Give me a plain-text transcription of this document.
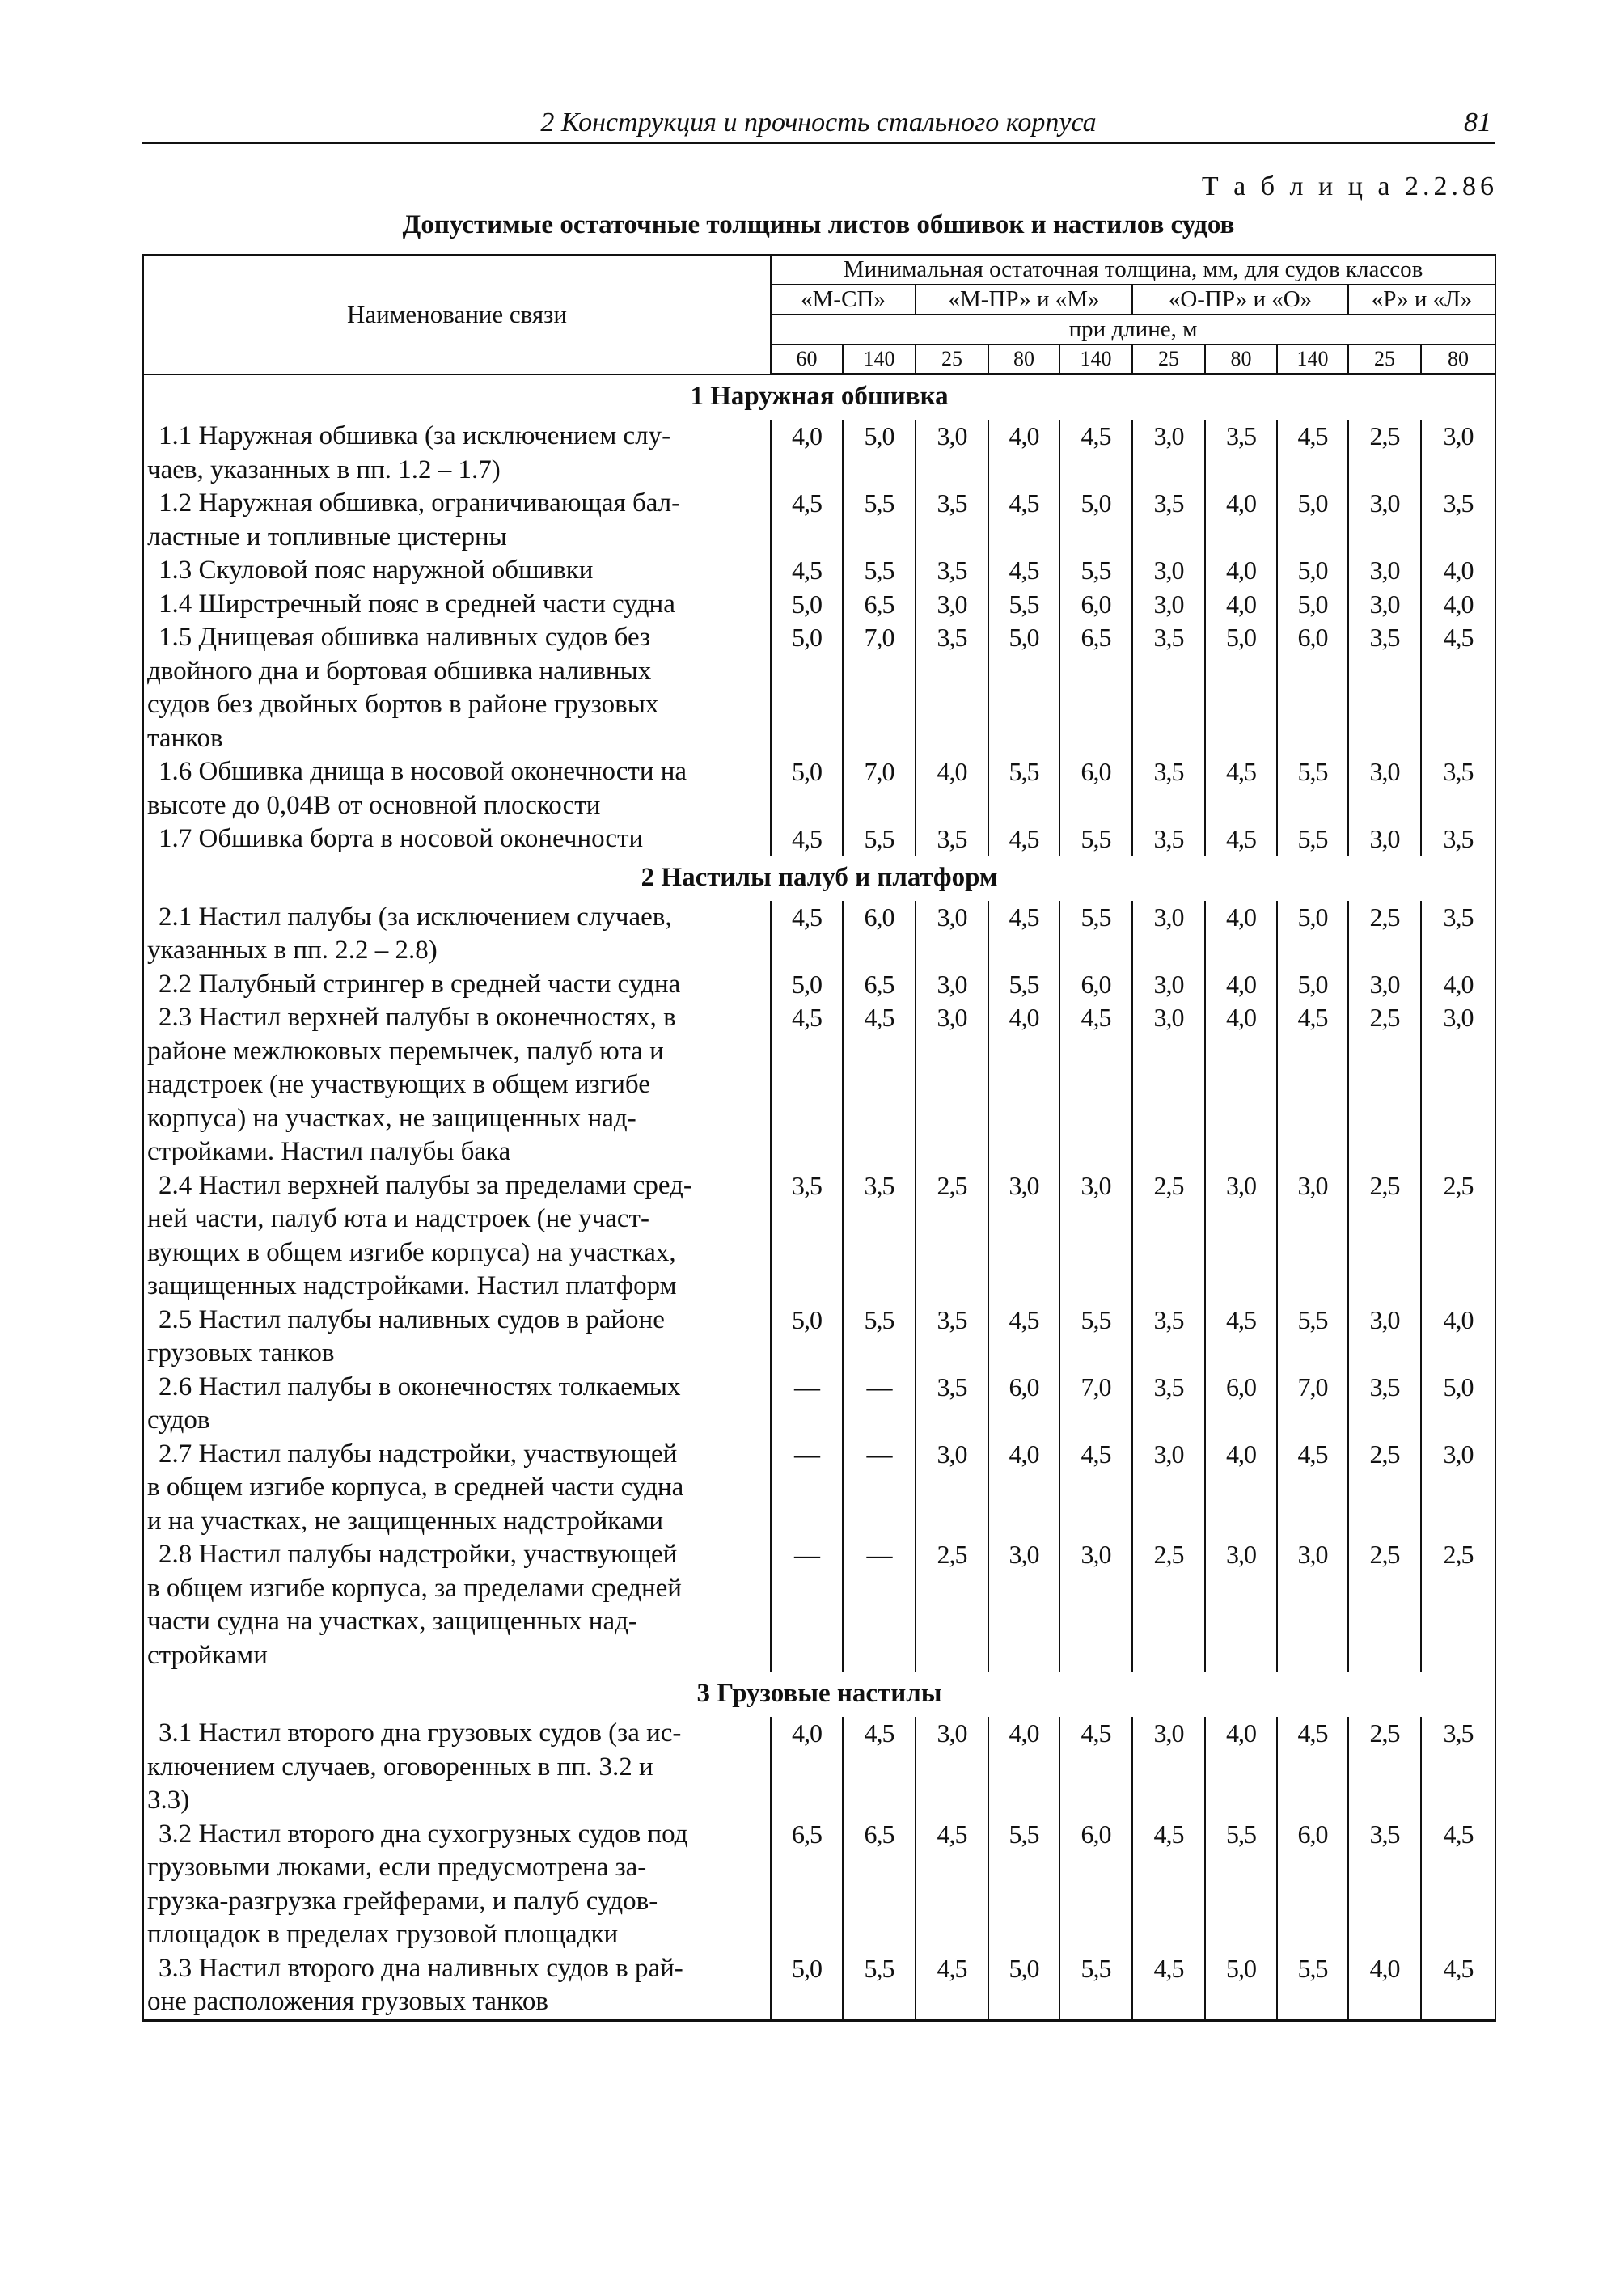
2 Конструкция и прочность стального корпуса	81
Т а б л и ц а 2.2.86
Допустимые остаточные толщины листов обшивок и настилов судов
Наименование связи	Минимальная остаточная толщина, мм, для судов классов									
	«М-СП»		«М-ПР» и «М»			«О-ПР» и «О»			«Р» и «Л»	
	при длине, м									
	60	140	25	80	140	25	80	140	25	80
1 Наружная обшивка										

1.1 Наружная обшивка (за исключением слу-
чаев, указанных в пп. 1.2 – 1.7)	4,0	5,0	3,0	4,0	4,5	3,0	3,5	4,5	2,5	3,0

1.2 Наружная обшивка, ограничивающая бал-
ластные и топливные цистерны	4,5	5,5	3,5	4,5	5,0	3,5	4,0	5,0	3,0	3,5

1.3 Скуловой пояс наружной обшивки	4,5	5,5	3,5	4,5	5,5	3,0	4,0	5,0	3,0	4,0

1.4 Ширстречный пояс в средней части судна	5,0	6,5	3,0	5,5	6,0	3,0	4,0	5,0	3,0	4,0

1.5 Днищевая обшивка наливных судов без
двойного дна и бортовая обшивка наливных
судов без двойных бортов в районе грузовых
танков	5,0	7,0	3,5	5,0	6,5	3,5	5,0	6,0	3,5	4,5

1.6 Обшивка днища в носовой оконечности на
высоте до 0,04B от основной плоскости	5,0	7,0	4,0	5,5	6,0	3,5	4,5	5,5	3,0	3,5

1.7 Обшивка борта в носовой оконечности	4,5	5,5	3,5	4,5	5,5	3,5	4,5	5,5	3,0	3,5
2 Настилы палуб и платформ										

2.1 Настил палубы (за исключением случаев,
указанных в пп. 2.2 – 2.8)	4,5	6,0	3,0	4,5	5,5	3,0	4,0	5,0	2,5	3,5

2.2 Палубный стрингер в средней части судна	5,0	6,5	3,0	5,5	6,0	3,0	4,0	5,0	3,0	4,0

2.3 Настил верхней палубы в оконечностях, в
районе межлюковых перемычек, палуб юта и
надстроек (не участвующих в общем изгибе
корпуса) на участках, не защищенных над-
стройками. Настил палубы бака	4,5	4,5	3,0	4,0	4,5	3,0	4,0	4,5	2,5	3,0

2.4 Настил верхней палубы за пределами сред-
ней части, палуб юта и надстроек (не участ-
вующих в общем изгибе корпуса) на участках,
защищенных надстройками. Настил платформ	3,5	3,5	2,5	3,0	3,0	2,5	3,0	3,0	2,5	2,5

2.5 Настил палубы наливных судов в районе
грузовых танков	5,0	5,5	3,5	4,5	5,5	3,5	4,5	5,5	3,0	4,0

2.6 Настил палубы в оконечностях толкаемых
судов	—	—	3,5	6,0	7,0	3,5	6,0	7,0	3,5	5,0

2.7 Настил палубы надстройки, участвующей
в общем изгибе корпуса, в средней части судна
и на участках, не защищенных надстройками	—	—	3,0	4,0	4,5	3,0	4,0	4,5	2,5	3,0

2.8 Настил палубы надстройки, участвующей
в общем изгибе корпуса, за пределами средней
части судна на участках, защищенных над-
стройками	—	—	2,5	3,0	3,0	2,5	3,0	3,0	2,5	2,5
3 Грузовые настилы										

3.1 Настил второго дна грузовых судов (за ис-
ключением случаев, оговоренных в пп. 3.2 и
3.3)	4,0	4,5	3,0	4,0	4,5	3,0	4,0	4,5	2,5	3,5

3.2 Настил второго дна сухогрузных судов под
грузовыми люками, если предусмотрена за-
грузка-разгрузка грейферами, и палуб судов-
площадок в пределах грузовой площадки	6,5	6,5	4,5	5,5	6,0	4,5	5,5	6,0	3,5	4,5

3.3 Настил второго дна наливных судов в рай-
оне расположения грузовых танков	5,0	5,5	4,5	5,0	5,5	4,5	5,0	5,5	4,0	4,5
